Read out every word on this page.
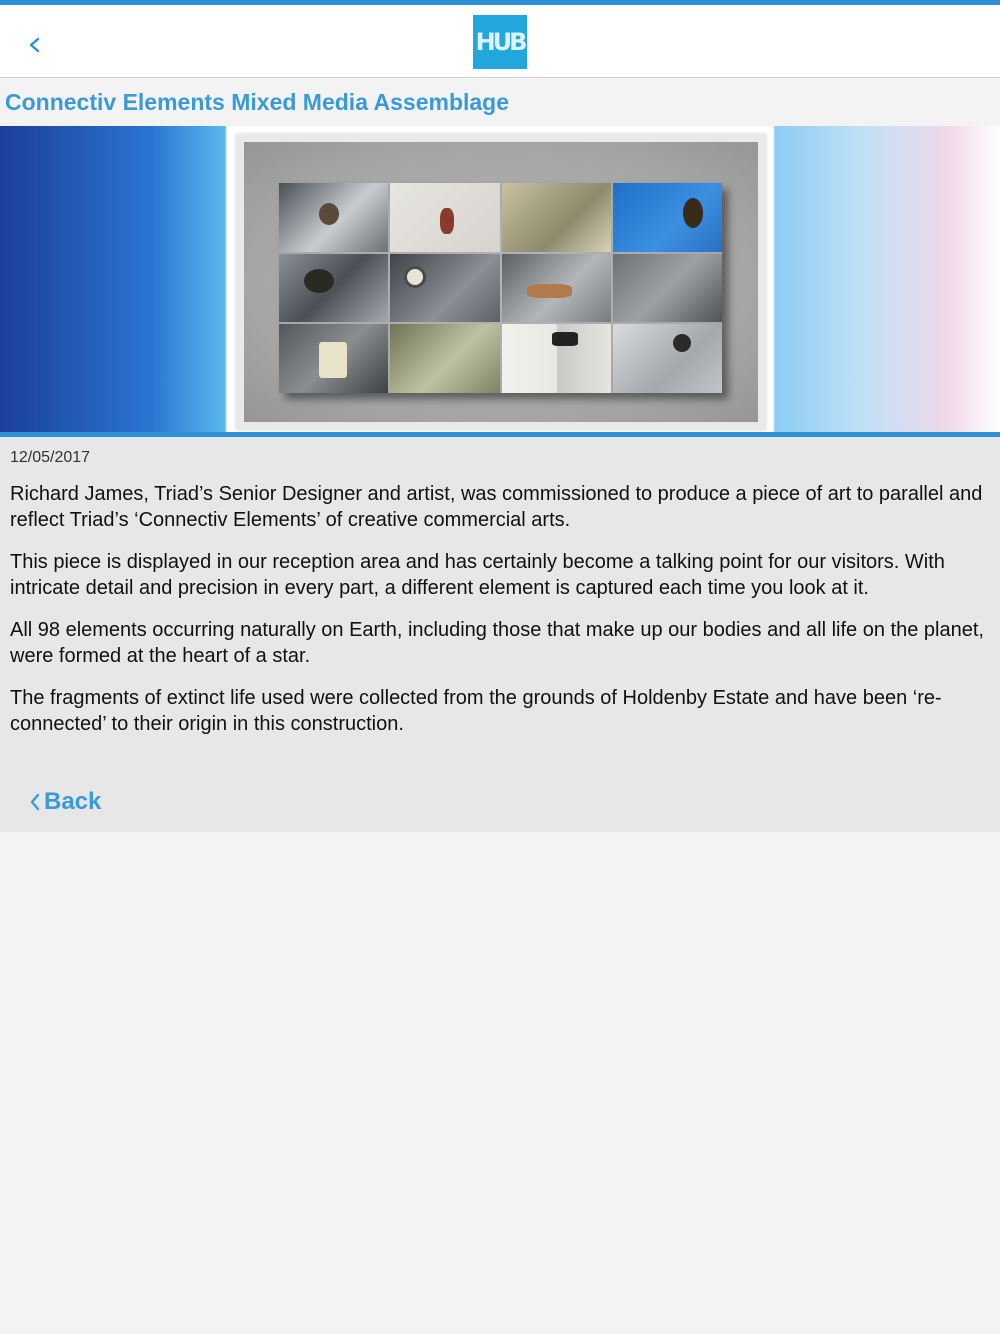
HUB
Connectiv Elements Mixed Media Assemblage
12/05/2017

Richard James, Triad’s Senior Designer and artist, was commissioned to produce a piece of art to parallel and reflect Triad’s ‘Connectiv Elements’ of creative commercial arts.

This piece is displayed in our reception area and has certainly become a talking point for our visitors. With intricate detail and precision in every part, a different element is captured each time you look at it.

All 98 elements occurring naturally on Earth, including those that make up our bodies and all life on the planet, were formed at the heart of a star.

The fragments of extinct life used were collected from the grounds of Holdenby Estate and have been ‘re-connected’ to their origin in this construction.

Back
